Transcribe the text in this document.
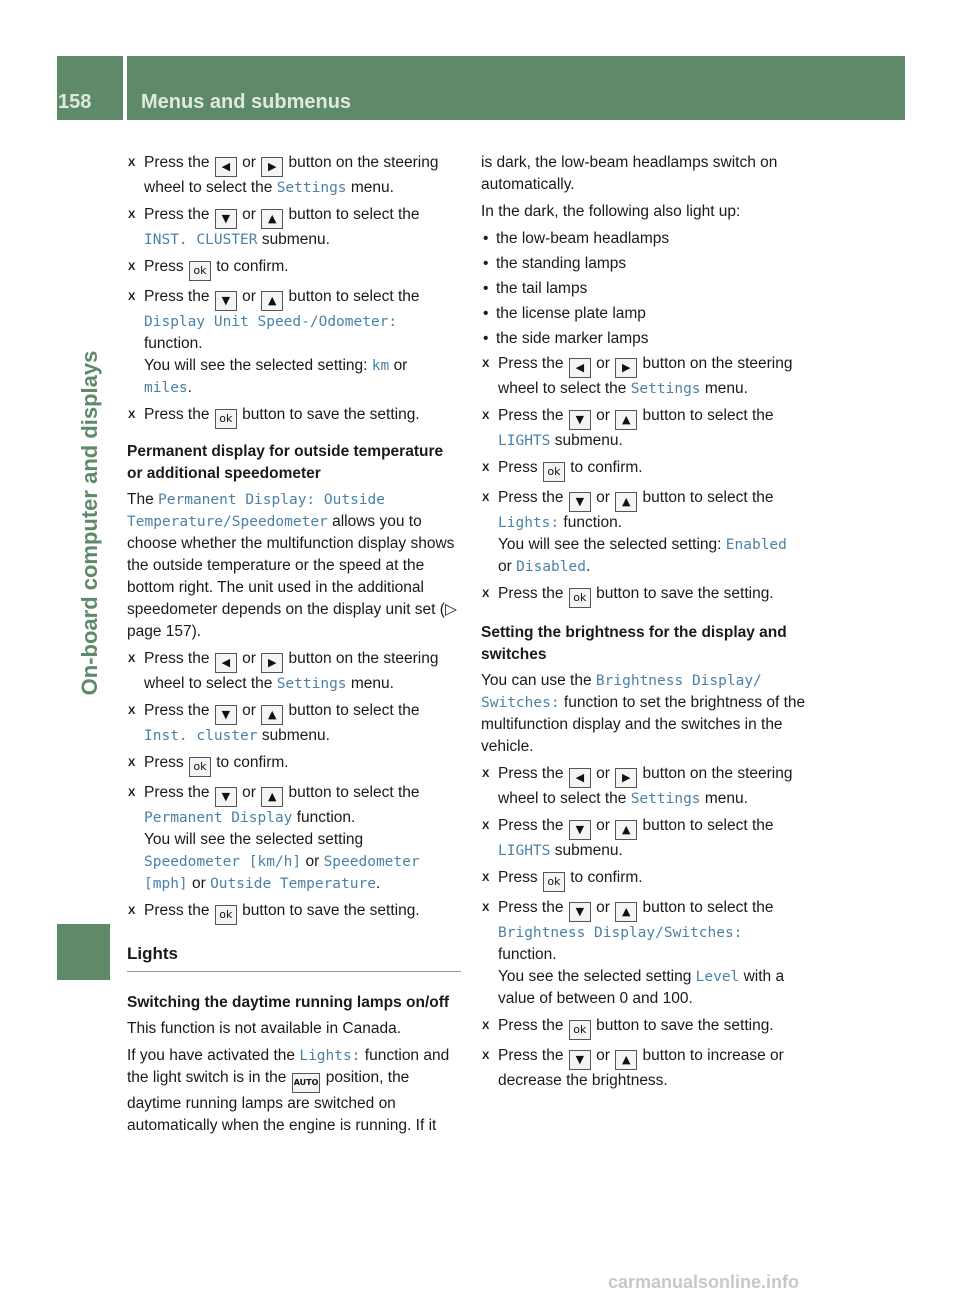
158 Menus and submenus
On-board computer and displays
X Press the ◀ or ▶ button on the steering wheel to select the Settings menu.
X Press the ▼ or ▲ button to select the INST. CLUSTER submenu.
X Press ok to confirm.
X Press the ▼ or ▲ button to select the Display Unit Speed-/Odometer:
function.
You will see the selected setting: km or
miles.
X Press the ok button to save the setting.
Permanent display for outside temperature or additional speedometer

The Permanent Display: Outside Temperature/Speedometer allows you to choose whether the multifunction display shows the outside temperature or the speed at the bottom right. The unit used in the additional speedometer depends on the display unit set (▷ page 157).

X Press the ◀ or ▶ button on the steering wheel to select the Settings menu.
X Press the ▼ or ▲ button to select the Inst. cluster submenu.
X Press ok to confirm.
X Press the ▼ or ▲ button to select the Permanent Display function.
You will see the selected setting
Speedometer [km/h] or Speedometer [mph] or Outside Temperature.
X Press the ok button to save the setting.
Lights
Switching the daytime running lamps on/off

This function is not available in Canada.

If you have activated the Lights: function and the light switch is in the AUTO position, the daytime running lamps are switched on automatically when the engine is running. If it

is dark, the low-beam headlamps switch on automatically.

In the dark, the following also light up:

• the low-beam headlamps
• the standing lamps
• the tail lamps
• the license plate lamp
• the side marker lamps
X Press the ◀ or ▶ button on the steering wheel to select the Settings menu.
X Press the ▼ or ▲ button to select the LIGHTS submenu.
X Press ok to confirm.
X Press the ▼ or ▲ button to select the Lights: function.
You will see the selected setting: Enabled
or Disabled.
X Press the ok button to save the setting.
Setting the brightness for the display and switches

You can use the Brightness Display/ Switches: function to set the brightness of the multifunction display and the switches in the vehicle.

X Press the ◀ or ▶ button on the steering wheel to select the Settings menu.
X Press the ▼ or ▲ button to select the LIGHTS submenu.
X Press ok to confirm.
X Press the ▼ or ▲ button to select the Brightness Display/Switches:
function.
You see the selected setting Level with a value of between 0 and 100.
X Press the ok button to save the setting.
X Press the ▼ or ▲ button to increase or decrease the brightness.
carmanualsonline.info
